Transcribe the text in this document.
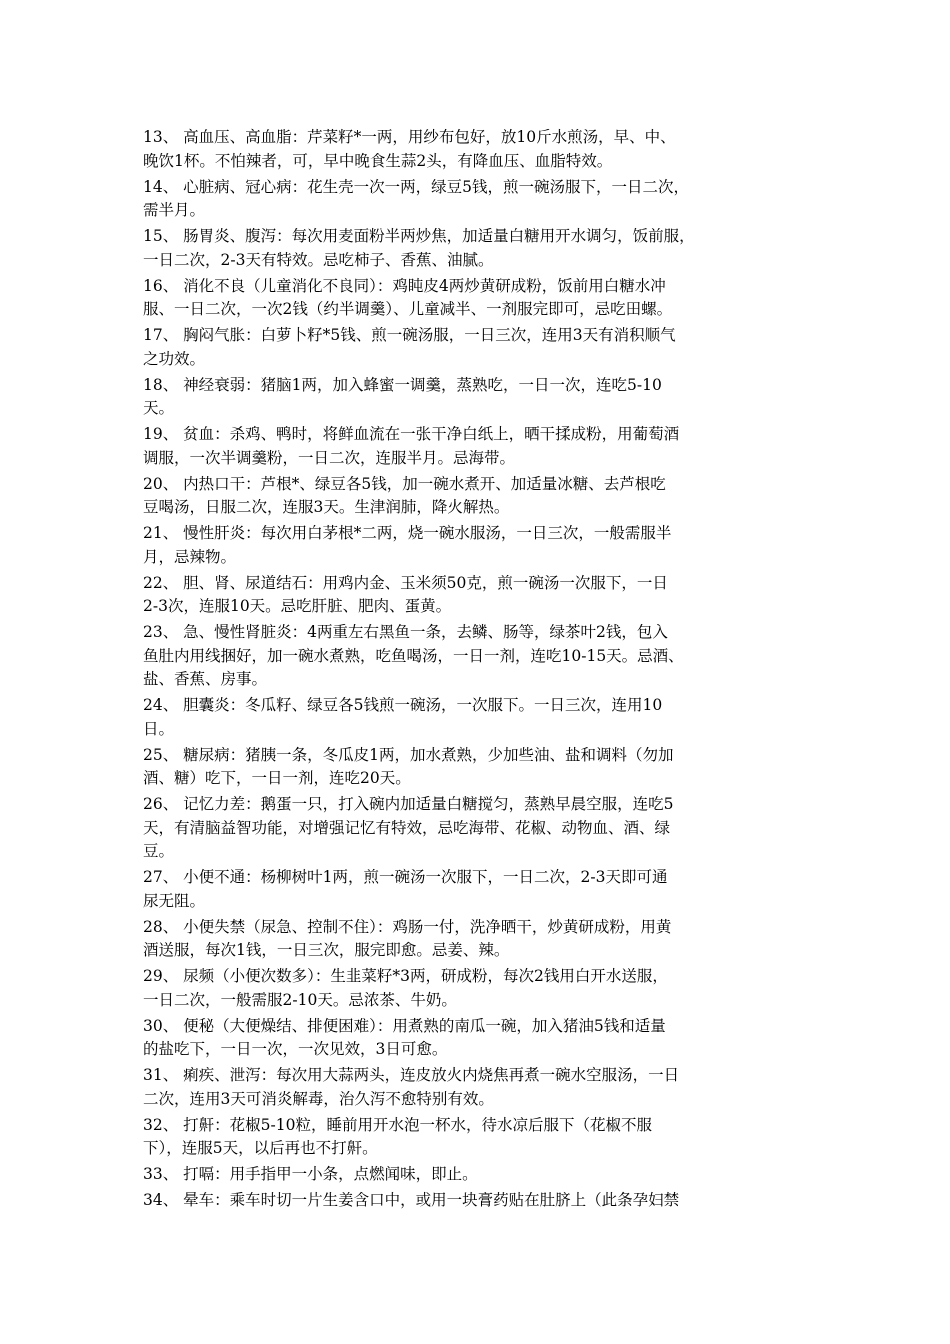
13、 高血压、高血脂：芹菜籽*一两，用纱布包好，放10斤水煎汤，早、中、
晚饮1杯。不怕辣者，可，早中晚食生蒜2头，有降血压、血脂特效。
14、 心脏病、冠心病：花生壳一次一两，绿豆5钱，煎一碗汤服下，一日二次，
需半月。
15、 肠胃炎、腹泻：每次用麦面粉半两炒焦，加适量白糖用开水调匀，饭前服，
一日二次，2-3天有特效。忌吃柿子、香蕉、油腻。
16、 消化不良（儿童消化不良同）：鸡盹皮4两炒黄研成粉，饭前用白糖水冲
服、一日二次，一次2钱（约半调羹）、儿童减半、一剂服完即可，忌吃田螺。
17、 胸闷气胀：白萝卜籽*5钱、煎一碗汤服，一日三次，连用3天有消积顺气
之功效。
18、 神经衰弱：猪脑1两，加入蜂蜜一调羹，蒸熟吃，一日一次，连吃5-10
天。
19、 贫血：杀鸡、鸭时，将鲜血流在一张干净白纸上，晒干揉成粉，用葡萄酒
调服，一次半调羹粉，一日二次，连服半月。忌海带。
20、 内热口干：芦根*、绿豆各5钱，加一碗水煮开、加适量冰糖、去芦根吃
豆喝汤，日服二次，连服3天。生津润肺，降火解热。
21、 慢性肝炎：每次用白茅根*二两，烧一碗水服汤，一日三次，一般需服半
月，忌辣物。
22、 胆、肾、尿道结石：用鸡内金、玉米须50克，煎一碗汤一次服下，一日
2-3次，连服10天。忌吃肝脏、肥肉、蛋黄。
23、 急、慢性肾脏炎：4两重左右黑鱼一条，去鳞、肠等，绿茶叶2钱，包入
鱼肚内用线捆好，加一碗水煮熟，吃鱼喝汤，一日一剂，连吃10-15天。忌酒、
盐、香蕉、房事。
24、 胆囊炎：冬瓜籽、绿豆各5钱煎一碗汤，一次服下。一日三次，连用10
日。
25、 糖尿病：猪胰一条，冬瓜皮1两，加水煮熟，少加些油、盐和调料（勿加
酒、糖）吃下，一日一剂，连吃20天。
26、 记忆力差：鹅蛋一只，打入碗内加适量白糖搅匀，蒸熟早晨空服，连吃5
天，有清脑益智功能，对增强记忆有特效，忌吃海带、花椒、动物血、酒、绿
豆。
27、 小便不通：杨柳树叶1两，煎一碗汤一次服下，一日二次，2-3天即可通
尿无阻。
28、 小便失禁（尿急、控制不住）：鸡肠一付，洗净晒干，炒黄研成粉，用黄
酒送服，每次1钱，一日三次，服完即愈。忌姜、辣。
29、 尿频（小便次数多）：生韭菜籽*3两，研成粉，每次2钱用白开水送服，
一日二次，一般需服2-10天。忌浓茶、牛奶。
30、 便秘（大便燥结、排便困难）：用煮熟的南瓜一碗，加入猪油5钱和适量
的盐吃下，一日一次，一次见效，3日可愈。
31、 痢疾、泄泻：每次用大蒜两头，连皮放火内烧焦再煮一碗水空服汤，一日
二次，连用3天可消炎解毒，治久泻不愈特别有效。
32、 打鼾：花椒5-10粒，睡前用开水泡一杯水，待水凉后服下（花椒不服
下），连服5天，以后再也不打鼾。
33、 打嗝：用手指甲一小条，点燃闻味，即止。
34、 晕车：乘车时切一片生姜含口中，或用一块膏药贴在肚脐上（此条孕妇禁
